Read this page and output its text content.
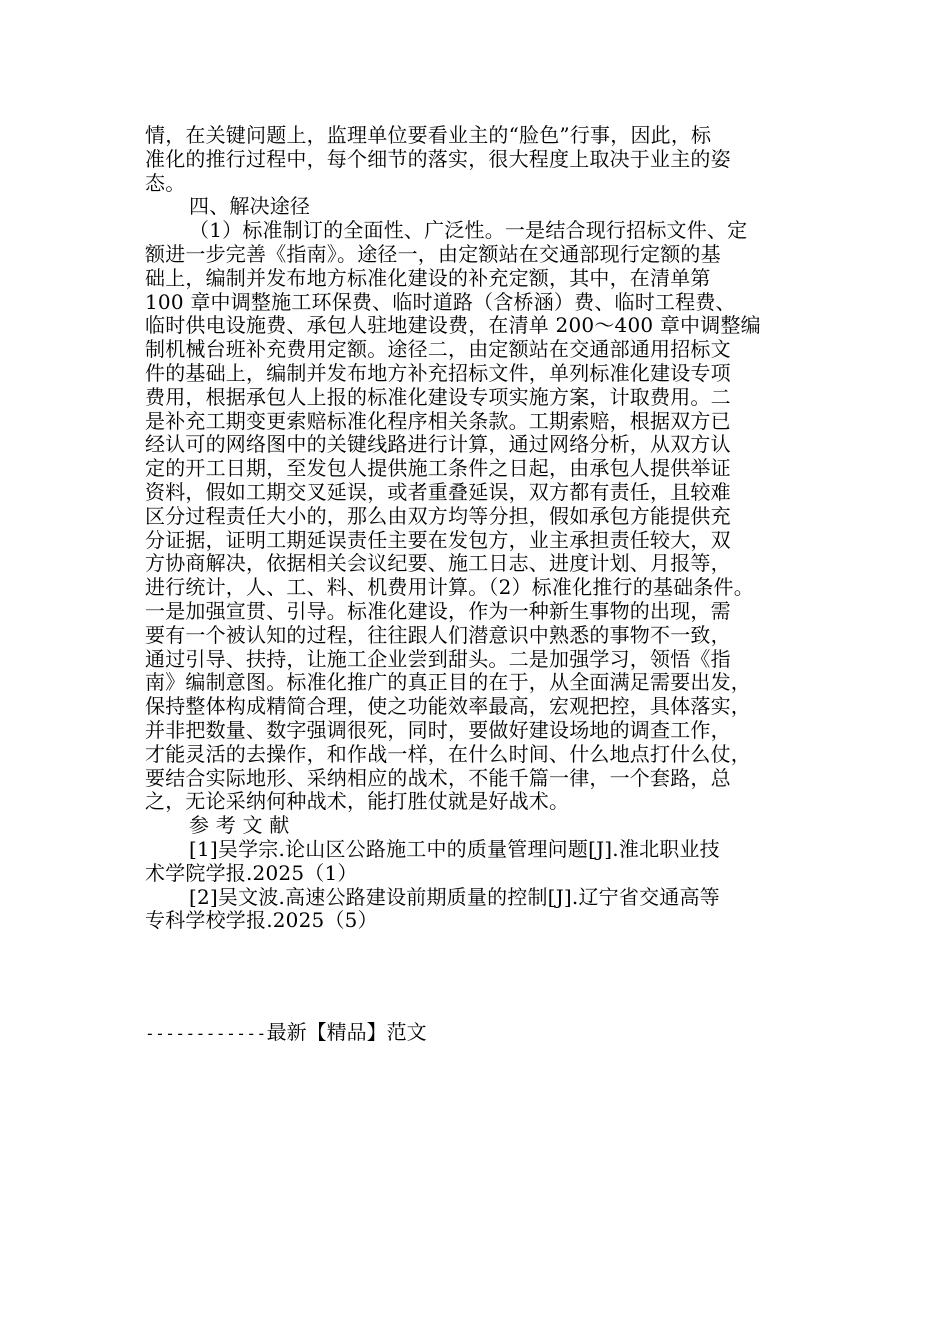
情，在关键问题上，监理单位要看业主的“脸色”行事，因此，标
准化的推行过程中，每个细节的落实，很大程度上取决于业主的姿
态。
四、解决途径
（1）标准制订的全面性、广泛性。一是结合现行招标文件、定
额进一步完善《指南》。途径一，由定额站在交通部现行定额的基
础上，编制并发布地方标准化建设的补充定额，其中，在清单第
100 章中调整施工环保费、临时道路（含桥涵）费、临时工程费、
临时供电设施费、承包人驻地建设费，在清单 200～400 章中调整编
制机械台班补充费用定额。途径二，由定额站在交通部通用招标文
件的基础上，编制并发布地方补充招标文件，单列标准化建设专项
费用，根据承包人上报的标准化建设专项实施方案，计取费用。二
是补充工期变更索赔标准化程序相关条款。工期索赔，根据双方已
经认可的网络图中的关键线路进行计算，通过网络分析，从双方认
定的开工日期，至发包人提供施工条件之日起，由承包人提供举证
资料，假如工期交叉延误，或者重叠延误，双方都有责任，且较难
区分过程责任大小的，那么由双方均等分担，假如承包方能提供充
分证据，证明工期延误责任主要在发包方，业主承担责任较大，双
方协商解决，依据相关会议纪要、施工日志、进度计划、月报等，
进行统计，人、工、料、机费用计算。（2）标准化推行的基础条件。
一是加强宣贯、引导。标准化建设，作为一种新生事物的出现，需
要有一个被认知的过程，往往跟人们潜意识中熟悉的事物不一致，
通过引导、扶持，让施工企业尝到甜头。二是加强学习，领悟《指
南》编制意图。标准化推广的真正目的在于，从全面满足需要出发，
保持整体构成精简合理，使之功能效率最高，宏观把控，具体落实，
并非把数量、数字强调很死，同时，要做好建设场地的调查工作，
才能灵活的去操作，和作战一样，在什么时间、什么地点打什么仗，
要结合实际地形、采纳相应的战术，不能千篇一律，一个套路，总
之，无论采纳何种战术，能打胜仗就是好战术。
参 考 文 献
[1]吴学宗.论山区公路施工中的质量管理问题[J].淮北职业技
术学院学报.2025（1）
[2]吴文波.高速公路建设前期质量的控制[J].辽宁省交通高等
专科学校学报.2025（5）
------------最新【精品】范文
